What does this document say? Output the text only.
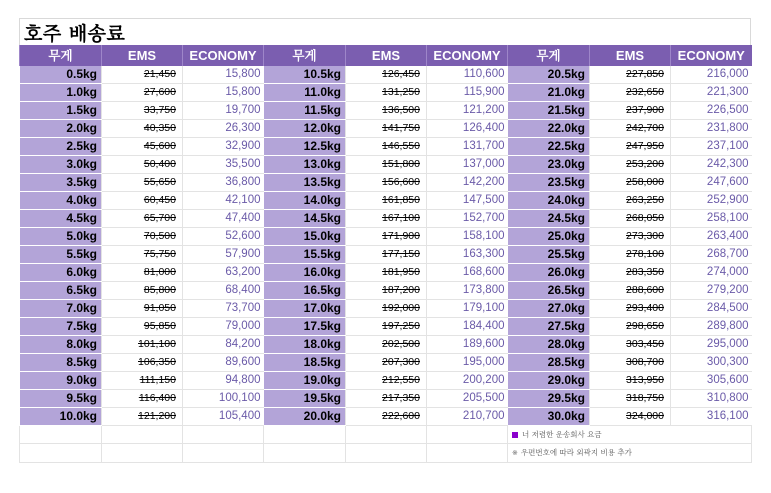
호주 배송료
무게	EMS	ECONOMY	무게	EMS	ECONOMY	무게	EMS	ECONOMY
0.5kg	21,450	15,800	10.5kg	126,450	110,600	20.5kg	227,850	216,000
1.0kg	27,600	15,800	11.0kg	131,250	115,900	21.0kg	232,650	221,300
1.5kg	33,750	19,700	11.5kg	136,500	121,200	21.5kg	237,900	226,500
2.0kg	40,350	26,300	12.0kg	141,750	126,400	22.0kg	242,700	231,800
2.5kg	45,600	32,900	12.5kg	146,550	131,700	22.5kg	247,950	237,100
3.0kg	50,400	35,500	13.0kg	151,800	137,000	23.0kg	253,200	242,300
3.5kg	55,650	36,800	13.5kg	156,600	142,200	23.5kg	258,000	247,600
4.0kg	60,450	42,100	14.0kg	161,850	147,500	24.0kg	263,250	252,900
4.5kg	65,700	47,400	14.5kg	167,100	152,700	24.5kg	268,050	258,100
5.0kg	70,500	52,600	15.0kg	171,900	158,100	25.0kg	273,300	263,400
5.5kg	75,750	57,900	15.5kg	177,150	163,300	25.5kg	278,100	268,700
6.0kg	81,000	63,200	16.0kg	181,950	168,600	26.0kg	283,350	274,000
6.5kg	85,800	68,400	16.5kg	187,200	173,800	26.5kg	288,600	279,200
7.0kg	91,050	73,700	17.0kg	192,000	179,100	27.0kg	293,400	284,500
7.5kg	95,850	79,000	17.5kg	197,250	184,400	27.5kg	298,650	289,800
8.0kg	101,100	84,200	18.0kg	202,500	189,600	28.0kg	303,450	295,000
8.5kg	106,350	89,600	18.5kg	207,300	195,000	28.5kg	308,700	300,300
9.0kg	111,150	94,800	19.0kg	212,550	200,200	29.0kg	313,950	305,600
9.5kg	116,400	100,100	19.5kg	217,350	205,500	29.5kg	318,750	310,800
10.0kg	121,200	105,400	20.0kg	222,600	210,700	30.0kg	324,000	316,100
						너 저렴한 운송회사 요금		
						※ 우편번호에 따라 외곽지 비용 추가		
